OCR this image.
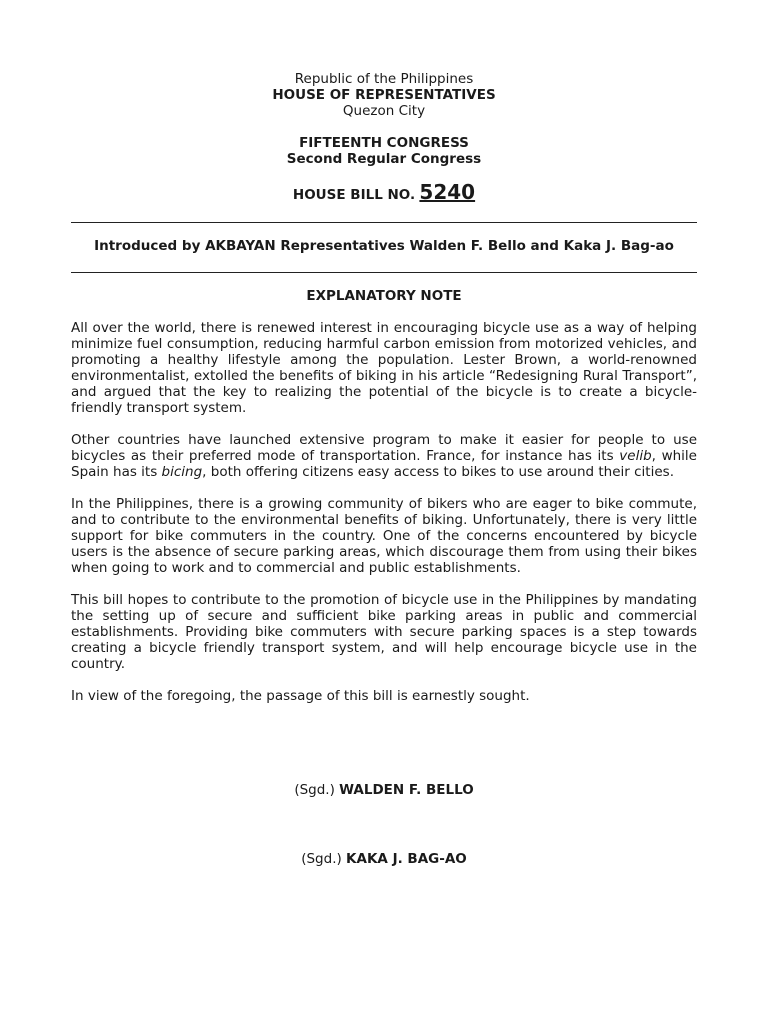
Republic of the Philippines
HOUSE OF REPRESENTATIVES
Quezon City
FIFTEENTH CONGRESS
Second Regular Congress
HOUSE BILL NO. 5240
Introduced by AKBAYAN Representatives Walden F. Bello and Kaka J. Bag-ao
EXPLANATORY NOTE

All over the world, there is renewed interest in encouraging bicycle use as a way of helping minimize fuel consumption, reducing harmful carbon emission from motorized vehicles, and promoting a healthy lifestyle among the population. Lester Brown, a world-renowned environmentalist, extolled the benefits of biking in his article “Redesigning Rural Transport”, and argued that the key to realizing the potential of the bicycle is to create a bicycle-friendly transport system.

Other countries have launched extensive program to make it easier for people to use bicycles as their preferred mode of transportation. France, for instance has its velib, while Spain has its bicing, both offering citizens easy access to bikes to use around their cities.

In the Philippines, there is a growing community of bikers who are eager to bike commute, and to contribute to the environmental benefits of biking. Unfortunately, there is very little support for bike commuters in the country. One of the concerns encountered by bicycle users is the absence of secure parking areas, which discourage them from using their bikes when going to work and to commercial and public establishments.

This bill hopes to contribute to the promotion of bicycle use in the Philippines by mandating the setting up of secure and sufficient bike parking areas in public and commercial establishments. Providing bike commuters with secure parking spaces is a step towards creating a bicycle friendly transport system, and will help encourage bicycle use in the country.

In view of the foregoing, the passage of this bill is earnestly sought.

(Sgd.) WALDEN F. BELLO
(Sgd.) KAKA J. BAG-AO
